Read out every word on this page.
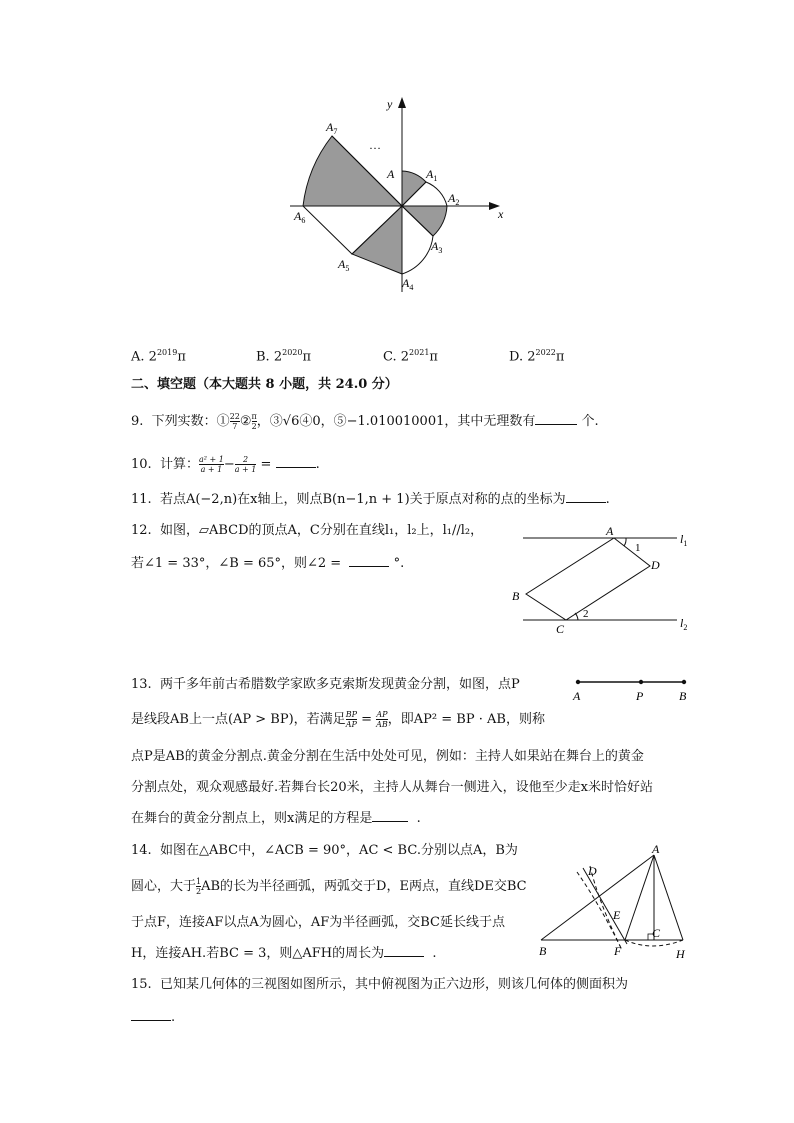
y
x
…
A	$A_1$
$A_2$
$A_3$
$A_4$
$A_5$
$A_6$
$A_7$
A. $2^{2019}\pi$	B. $2^{2020}\pi$	C. $2^{2021}\pi$	D. $2^{2022}\pi$
二、填空题（本大题共 8 小题，共 24.0 分）
9. 下列实数：① $\frac{22}{7}$ ② $\frac{\pi}{2}$ ，③√6④0，⑤−1.010010001，其中无理数有	个.
10. 计算： $\frac{\text{a² + 1}}{a + 1} - \frac{2}{a + 1}$ =	.
11. 若点A(−2,n)在x轴上，则点B(n−1,n + 1)关于原点对称的点的坐标为	.
12. 如图，▱ABCD的顶点A，C分别在直线l₁，l₂上，l₁//l₂，
若∠1 = 33°，∠B = 65°，则∠2 =	°.
A
1
D
B
2
C
$l_1$
$l_2$
13. 两千多年前古希腊数学家欧多克索斯发现黄金分割，如图，点P
是线段AB上一点(AP > BP)，若满足 $\frac{BP}{AP} = \frac{AP}{AB}$ ，即AP² = BP · AB，则称
点P是AB的黄金分割点.黄金分割在生活中处处可见，例如：主持人如果站在舞台上的黄金
分割点处，观众观感最好.若舞台长20米，主持人从舞台一侧进入，设他至少走x米时恰好站
在舞台的黄金分割点上，则x满足的方程是	.
A	P	B
14. 如图在△ABC中，∠ACB = 90°，AC < BC.分别以点A，B为
圆心，大于 $\frac{1}{2}$ AB的长为半径画弧，两弧交于D，E两点，直线DE交BC
于点F，连接AF以点A为圆心，AF为半径画弧，交BC延长线于点
H，连接AH.若BC = 3，则△AFH的周长为	.
A
D
E
C
B	F	H
15. 已知某几何体的三视图如图所示，其中俯视图为正六边形，则该几何体的侧面积为
.
